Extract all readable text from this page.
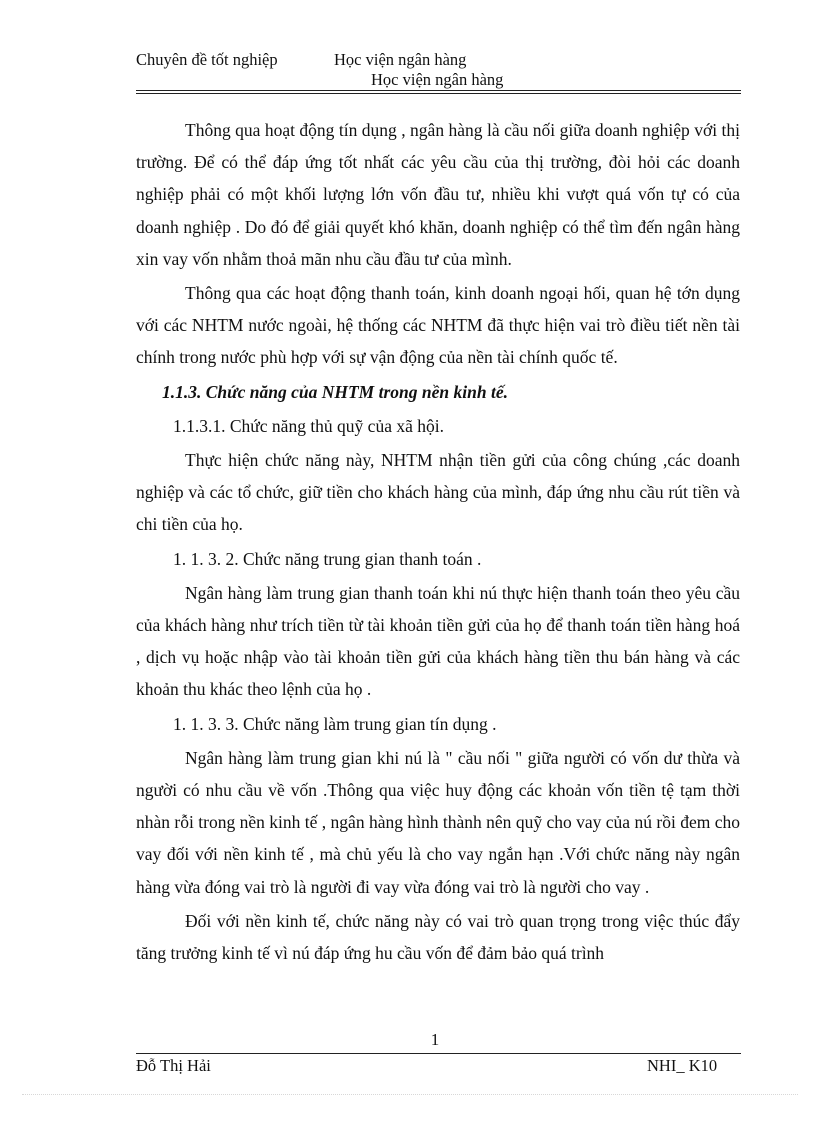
Chuyên đề tốt nghiệp	Học viện ngân hàng
Học viện ngân hàng

Thông qua hoạt động tín dụng , ngân hàng là cầu nối giữa doanh nghiệp với thị trường. Để có thể đáp ứng tốt nhất các yêu cầu của thị trường, đòi hỏi các doanh nghiệp phải có một khối lượng lớn vốn đầu tư, nhiều khi vượt quá vốn tự có của doanh nghiệp . Do đó để giải quyết khó khăn, doanh nghiệp có thể tìm đến ngân hàng xin vay vốn nhằm thoả mãn nhu cầu đầu tư của mình.

Thông qua các hoạt động thanh toán, kinh doanh ngoại hối, quan hệ tớn dụng với các NHTM nước ngoài, hệ thống các NHTM đã thực hiện vai trò điều tiết nền tài chính trong nước phù hợp với sự vận động của nền tài chính quốc tế.

1.1.3. Chức năng của NHTM trong nền kinh tế.

1.1.3.1. Chức năng thủ quỹ của xã hội.

Thực hiện chức năng này, NHTM nhận tiền gửi của công chúng ,các doanh nghiệp và các tổ chức, giữ tiền cho khách hàng của mình, đáp ứng nhu cầu rút tiền và chi tiền của họ.

1. 1. 3. 2. Chức năng trung gian thanh toán .

Ngân hàng làm trung gian thanh toán khi nú thực hiện thanh toán theo yêu cầu của khách hàng như trích tiền từ tài khoản tiền gửi của họ để thanh toán tiền hàng hoá , dịch vụ hoặc nhập vào tài khoản tiền gửi của khách hàng tiền thu bán hàng và các khoản thu khác theo lệnh của họ .

1. 1. 3. 3. Chức năng làm trung gian tín dụng .

Ngân hàng làm trung gian khi nú là " cầu nối " giữa người có vốn dư thừa và người có nhu cầu về vốn .Thông qua việc huy động các khoản vốn tiền tệ tạm thời nhàn rỗi trong nền kinh tế , ngân hàng hình thành nên quỹ cho vay của nú rồi đem cho vay đối với nền kinh tế , mà chủ yếu là cho vay ngắn hạn .Với chức năng này ngân hàng vừa đóng vai trò là người đi vay vừa đóng vai trò là người cho vay .

Đối với nền kinh tế, chức năng này có vai trò quan trọng trong việc thúc đẩy tăng trưởng kinh tế vì nú đáp ứng hu cầu vốn để đảm bảo quá trình

1
Đỗ Thị Hải	NHI_ K10
